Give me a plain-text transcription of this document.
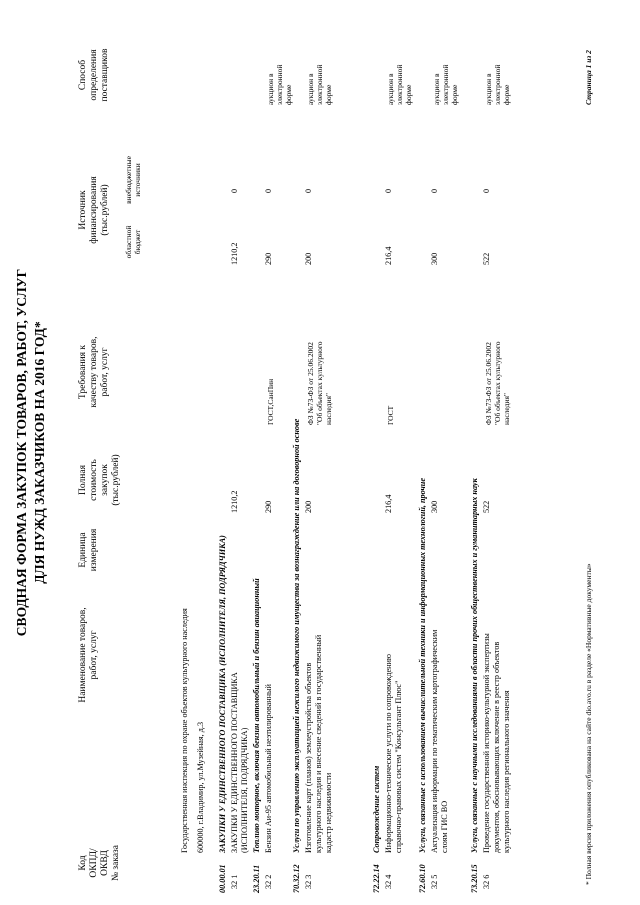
СВОДНАЯ ФОРМА ЗАКУПОК ТОВАРОВ, РАБОТ, УСЛУГ ДЛЯ НУЖД ЗАКАЗЧИКОВ НА 2016 ГОД*
Код ОКПД/ ОКВД № заказа
Наименование товаров, работ, услуг
Единица измерения
Полная стоимость закупок (тыс.рублей)
Требования к качеству товаров, работ, услуг
Источник финансирования (тыс.рублей)
Способ определения поставщиков
областной бюджет
внебюджетные источники
Государственная инспекция по охране объектов культурного наследия 600000, г.Владимир, ул.Музейная, д.3
00.00.01
ЗАКУПКИ У ЕДИНСТВЕННОГО ПОСТАВЩИКА (ИСПОЛНИТЕЛЯ, ПОДРЯДЧИКА)
32 1
ЗАКУПКИ У ЕДИНСТВЕННОГО ПОСТАВЩИКА (ИСПОЛНИТЕЛЯ, ПОДРЯДЧИКА)
1210,2
1210,2
0
23.20.11
Топливо моторное, включая бензин автомобильный и бензин авиационный
32 2
Бензин Аи-95 автомобильный неэтилированный
290
ГОСТ,СанПин
290
0
аукцион в электронной форме
70.32.12
Услуги по управлению эксплуатацией нежилого недвижимого имущества за вознаграждение или на договорной основе
32 3
Изготовление карт (планов) землеустройства объектов культурного наследия и внесение сведений в государственный кадастр недвижимости
200
ФЗ №73-ФЗ от 25.06.2002 "Об объектах культурного наследия"
200
0
аукцион в электронной форме
72.22.14
Сопровождение систем
32 4
Информационно-технические услуги по сопровождению справочно-правовых систем "Консультант Плюс"
216,4
ГОСТ
216,4
0
аукцион в электронной форме
72.60.10
Услуги, связанные с использованием вычислительной техники и информационных технологий, прочие
32 5
Актуализация информации по тематическим картографическим слоям ГИС ВО
300
300
0
аукцион в электронной форме
73.20.15
Услуги, связанные с научными исследованиями в области прочих общественных и гуманитарных наук
32 6
Проведение государственной историко-культурной экспертизы документов, обосновывающих включение в реестр объектов культурного наследия регионального значения
522
ФЗ №73-ФЗ от 25.06.2002 "Об объектах культурного наследия"
522
0
аукцион в электронной форме
* Полная версия приложения опубликована на сайте dio.avo.ru в разделе «Нормативные документы»
Страница 1 из 2
